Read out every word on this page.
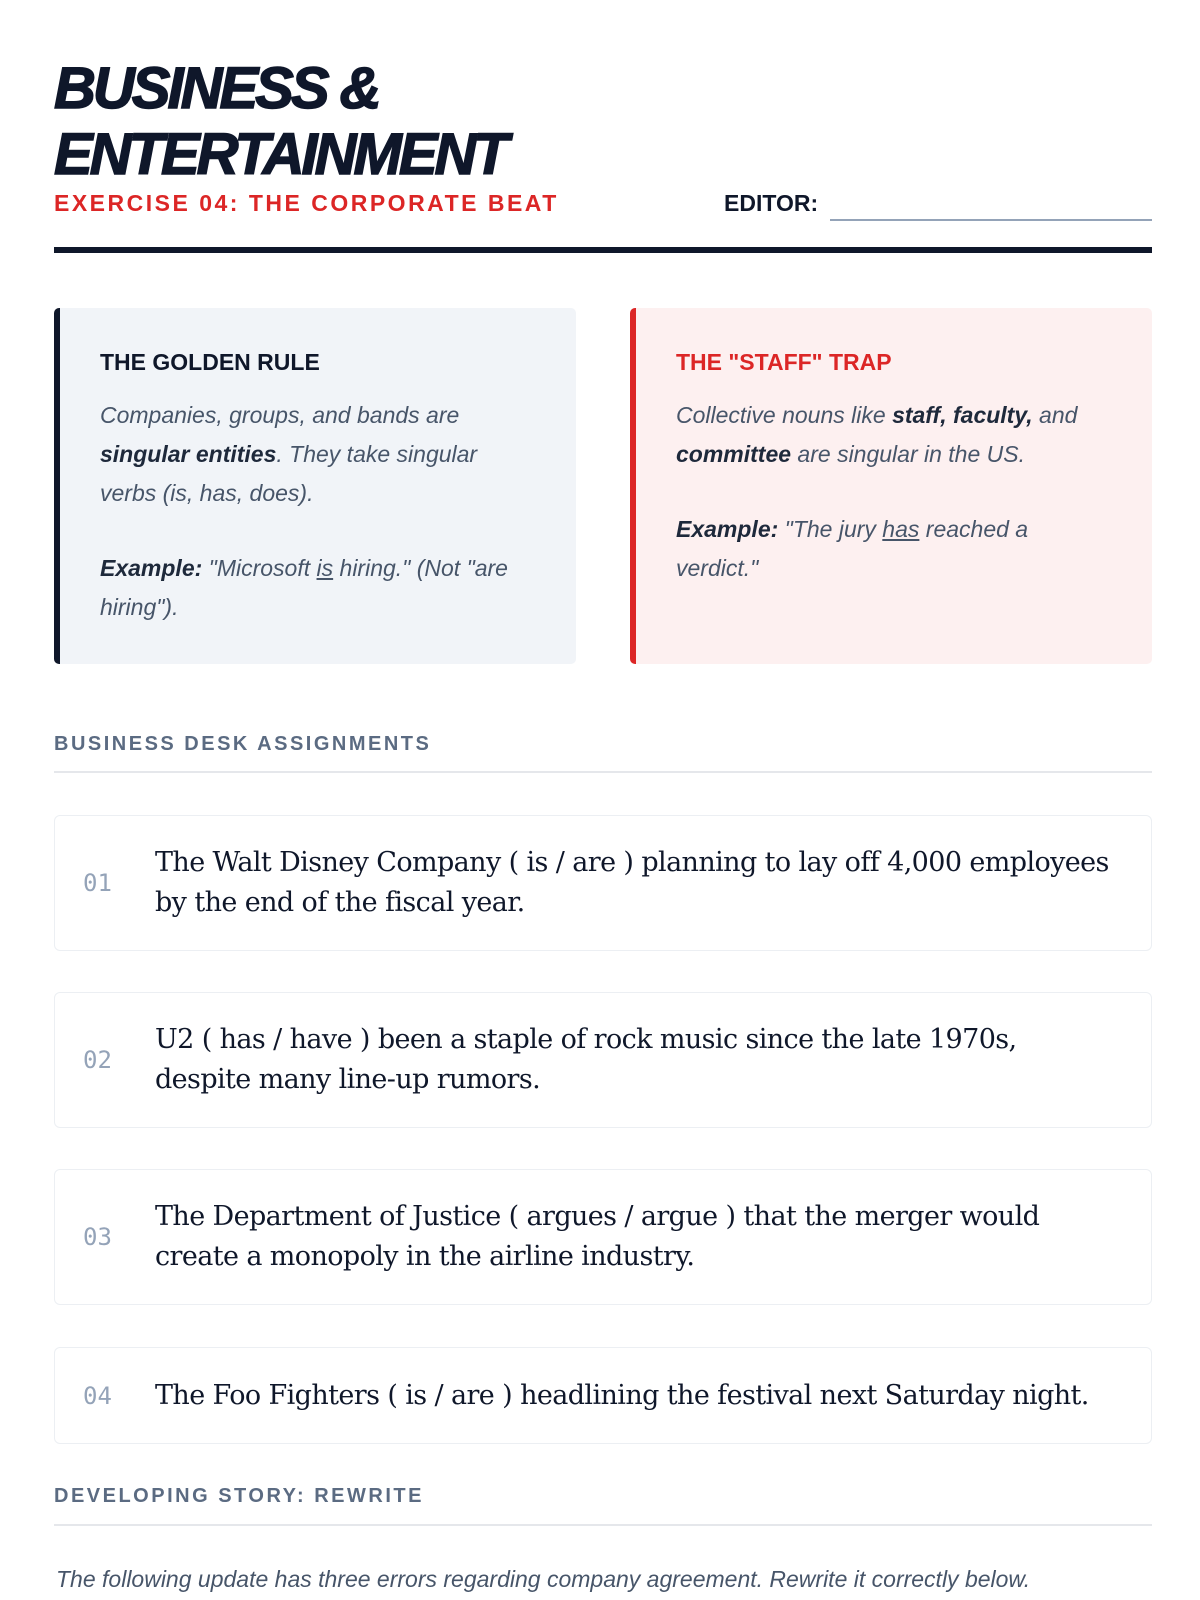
BUSINESS &
ENTERTAINMENT
EXERCISE 04: THE CORPORATE BEAT	EDITOR:
THE GOLDEN RULE

Companies, groups, and bands are singular entities. They take singular verbs (is, has, does).

Example: "Microsoft is hiring." (Not "are hiring").

THE "STAFF" TRAP

Collective nouns like staff, faculty, and committee are singular in the US.

Example: "The jury has reached a verdict."

BUSINESS DESK ASSIGNMENTS
01
The Walt Disney Company ( is / are ) planning to lay off 4,000 employees by the end of the fiscal year.
02
U2 ( has / have ) been a staple of rock music since the late 1970s, despite many line-up rumors.
03
The Department of Justice ( argues / argue ) that the merger would create a monopoly in the airline industry.
04	The Foo Fighters ( is / are ) headlining the festival next Saturday night.
DEVELOPING STORY: REWRITE
The following update has three errors regarding company agreement. Rewrite it correctly below.
